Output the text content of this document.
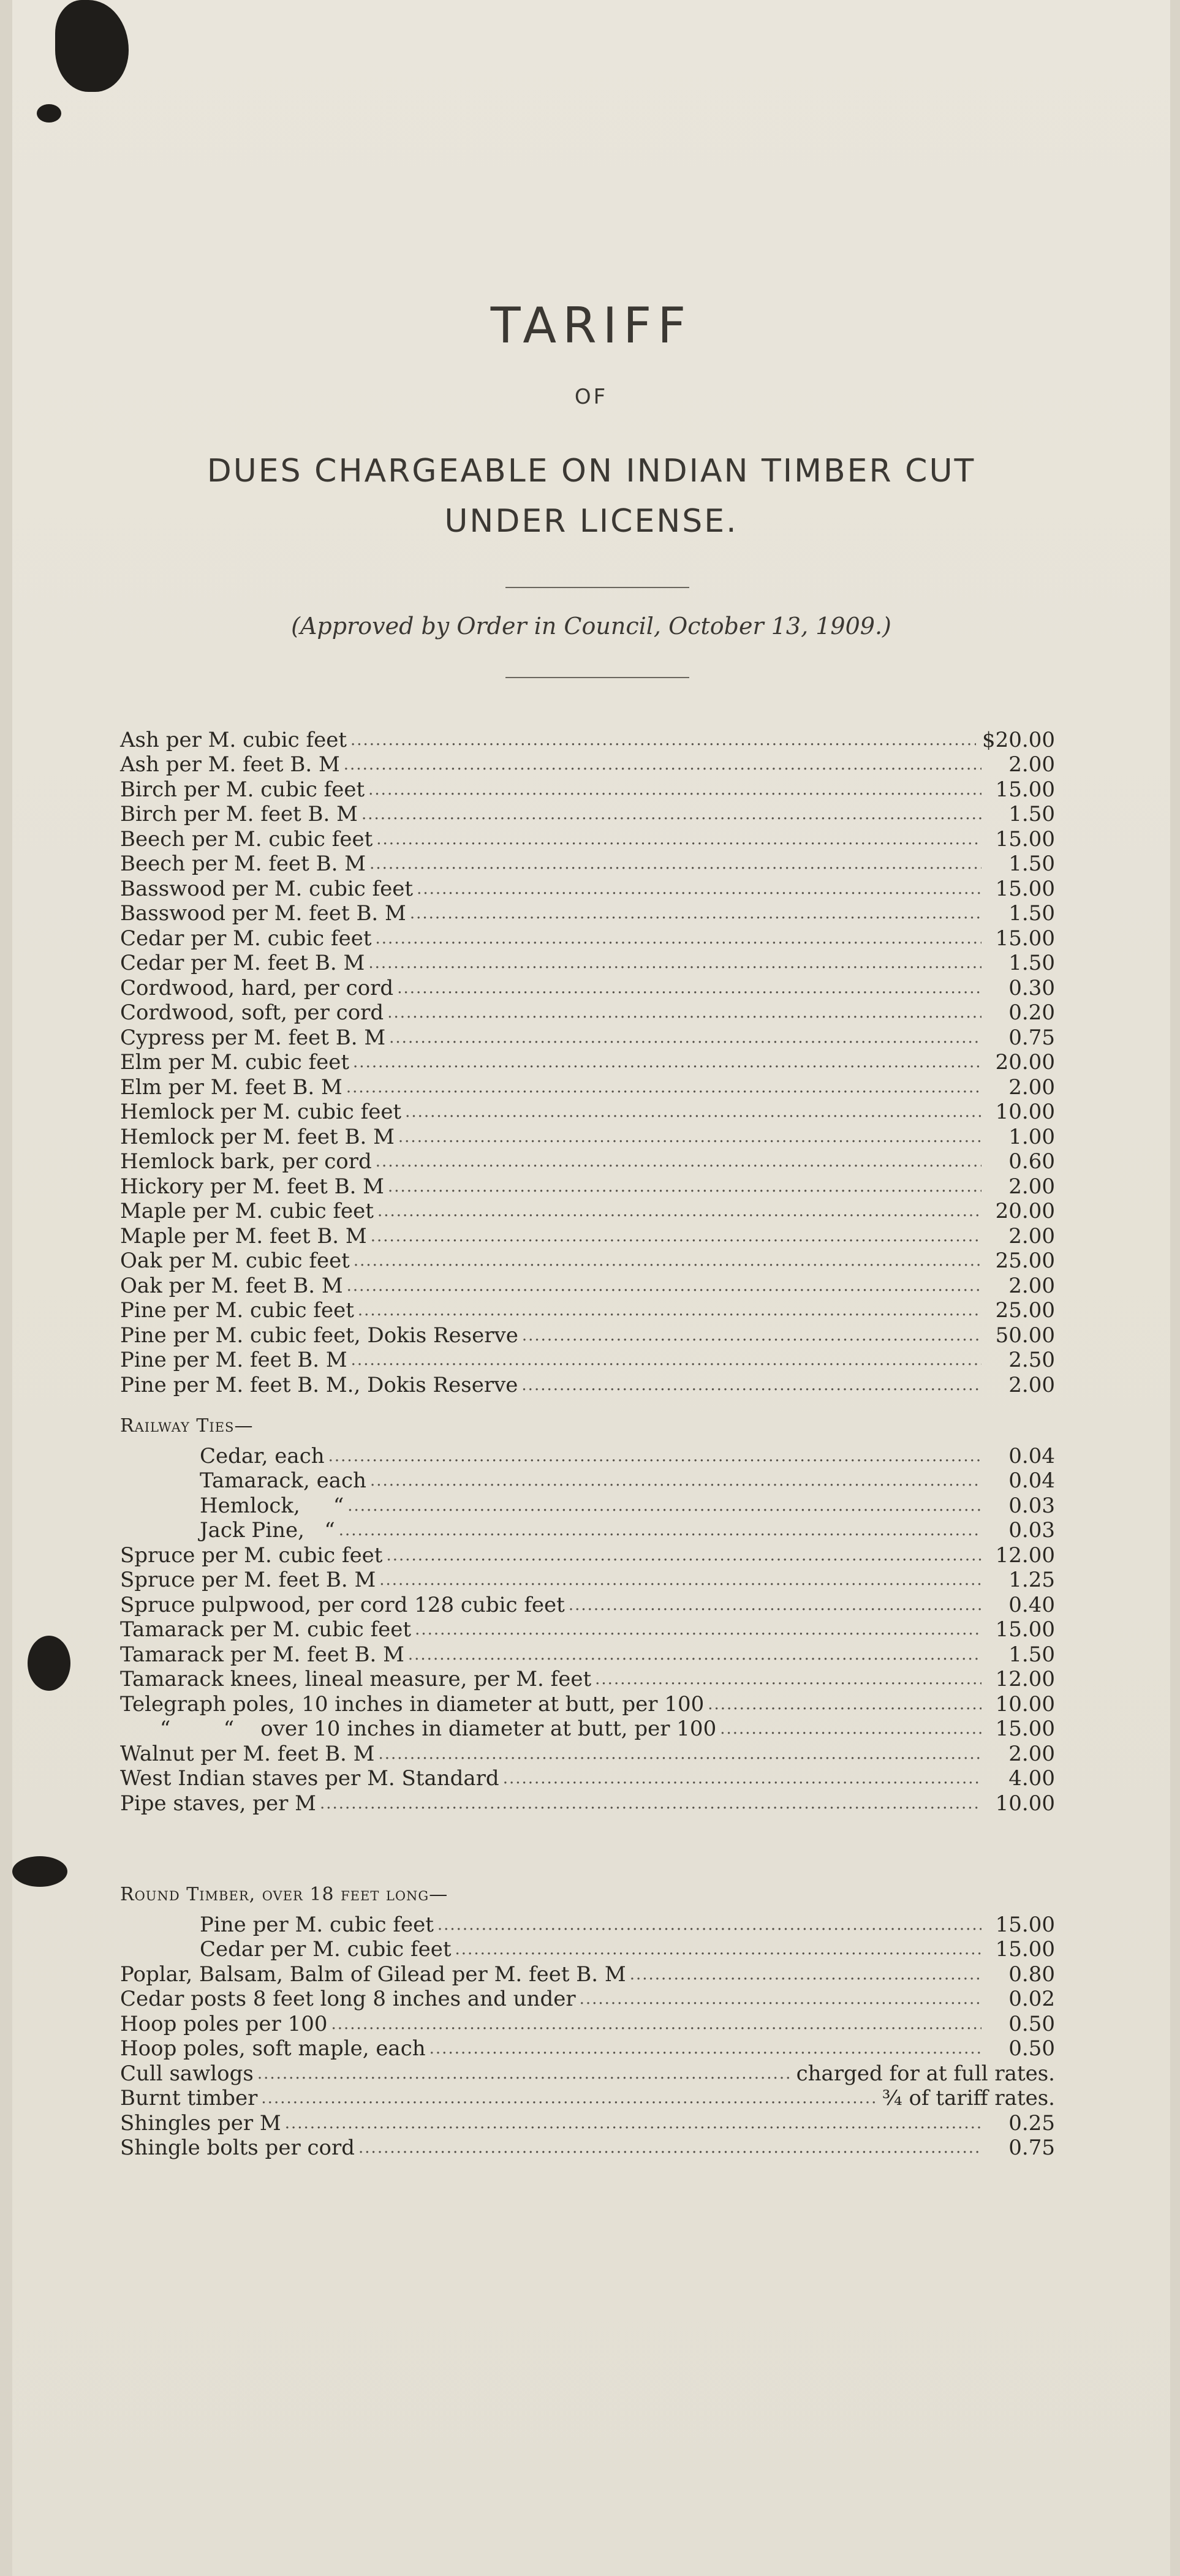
TARIFF
OF
DUES CHARGEABLE ON INDIAN TIMBER CUT
UNDER LICENSE.
(Approved by Order in Council, October 13, 1909.)
Ash per M. cubic feet .....	$20.00
Ash per M. feet B. M .....	2.00
Birch per M. cubic feet .....	15.00
Birch per M. feet B. M .....	1.50
Beech per M. cubic feet .....	15.00
Beech per M. feet B. M .....	1.50
Basswood per M. cubic feet .....	15.00
Basswood per M. feet B. M .....	1.50
Cedar per M. cubic feet .....	15.00
Cedar per M. feet B. M .....	1.50
Cordwood, hard, per cord .....	0.30
Cordwood, soft, per cord .....	0.20
Cypress per M. feet B. M .....	0.75
Elm per M. cubic feet .....	20.00
Elm per M. feet B. M .....	2.00
Hemlock per M. cubic feet .....	10.00
Hemlock per M. feet B. M .....	1.00
Hemlock bark, per cord .....	0.60
Hickory per M. feet B. M .....	2.00
Maple per M. cubic feet .....	20.00
Maple per M. feet B. M .....	2.00
Oak per M. cubic feet .....	25.00
Oak per M. feet B. M .....	2.00
Pine per M. cubic feet .....	25.00
Pine per M. cubic feet, Dokis Reserve .....	50.00
Pine per M. feet B. M .....	2.50
Pine per M. feet B. M., Dokis Reserve .....	2.00
Railway Ties—
Cedar, each .....	0.04
Tamarack, each .....	0.04
Hemlock,     “ .....	0.03
Jack Pine,   “ .....	0.03
Spruce per M. cubic feet .....	12.00
Spruce per M. feet B. M .....	1.25
Spruce pulpwood, per cord 128 cubic feet .....	0.40
Tamarack per M. cubic feet .....	15.00
Tamarack per M. feet B. M .....	1.50
Tamarack knees, lineal measure, per M. feet .....	12.00
Telegraph poles, 10 inches in diameter at butt, per 100 .....	10.00
“        “    over 10 inches in diameter at butt, per 100 .....	15.00
Walnut per M. feet B. M .....	2.00
West Indian staves per M. Standard .....	4.00
Pipe staves, per M .....	10.00
Round Timber, over 18 feet long—
Pine per M. cubic feet .....	15.00
Cedar per M. cubic feet .....	15.00
Poplar, Balsam, Balm of Gilead per M. feet B. M .....	0.80
Cedar posts 8 feet long 8 inches and under .....	0.02
Hoop poles per 100 .....	0.50
Hoop poles, soft maple, each .....	0.50
Cull sawlogs .....	charged for at full rates.
Burnt timber .....	¾ of tariff rates.
Shingles per M .....	0.25
Shingle bolts per cord .....	0.75
